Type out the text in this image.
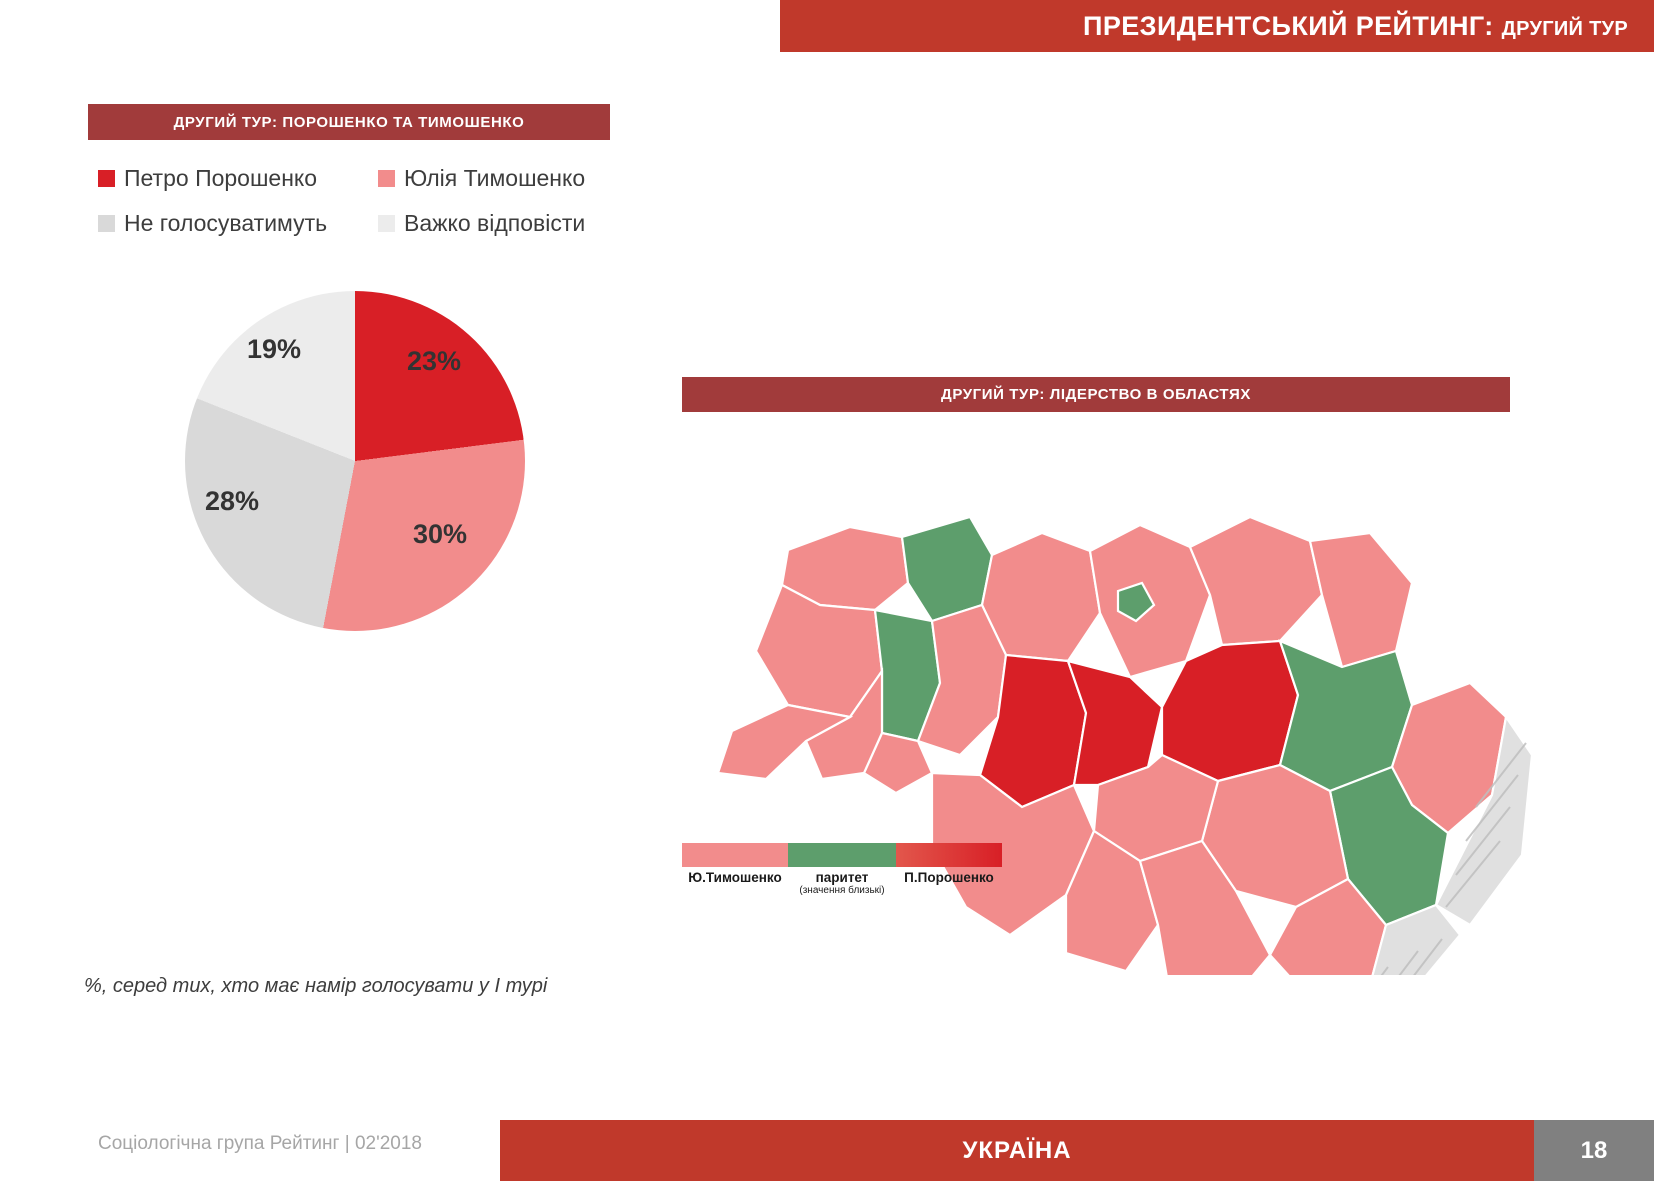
ПРЕЗИДЕНТСЬКИЙ РЕЙТИНГ: ДРУГИЙ ТУР
ДРУГИЙ ТУР: ПОРОШЕНКО ТА ТИМОШЕНКО
Петро Порошенко	Юлія Тимошенко
Не голосуватимуть	Важко відповісти
23%
30%
28%
19%
%, серед тих, хто має намір голосувати у I турі
ДРУГИЙ ТУР: ЛІДЕРСТВО В ОБЛАСТЯХ
Ю.Тимошенко	паритет
(значення близькі)
П.Порошенко
Соціологічна група Рейтинг | 02'2018	УКРАЇНА	18
